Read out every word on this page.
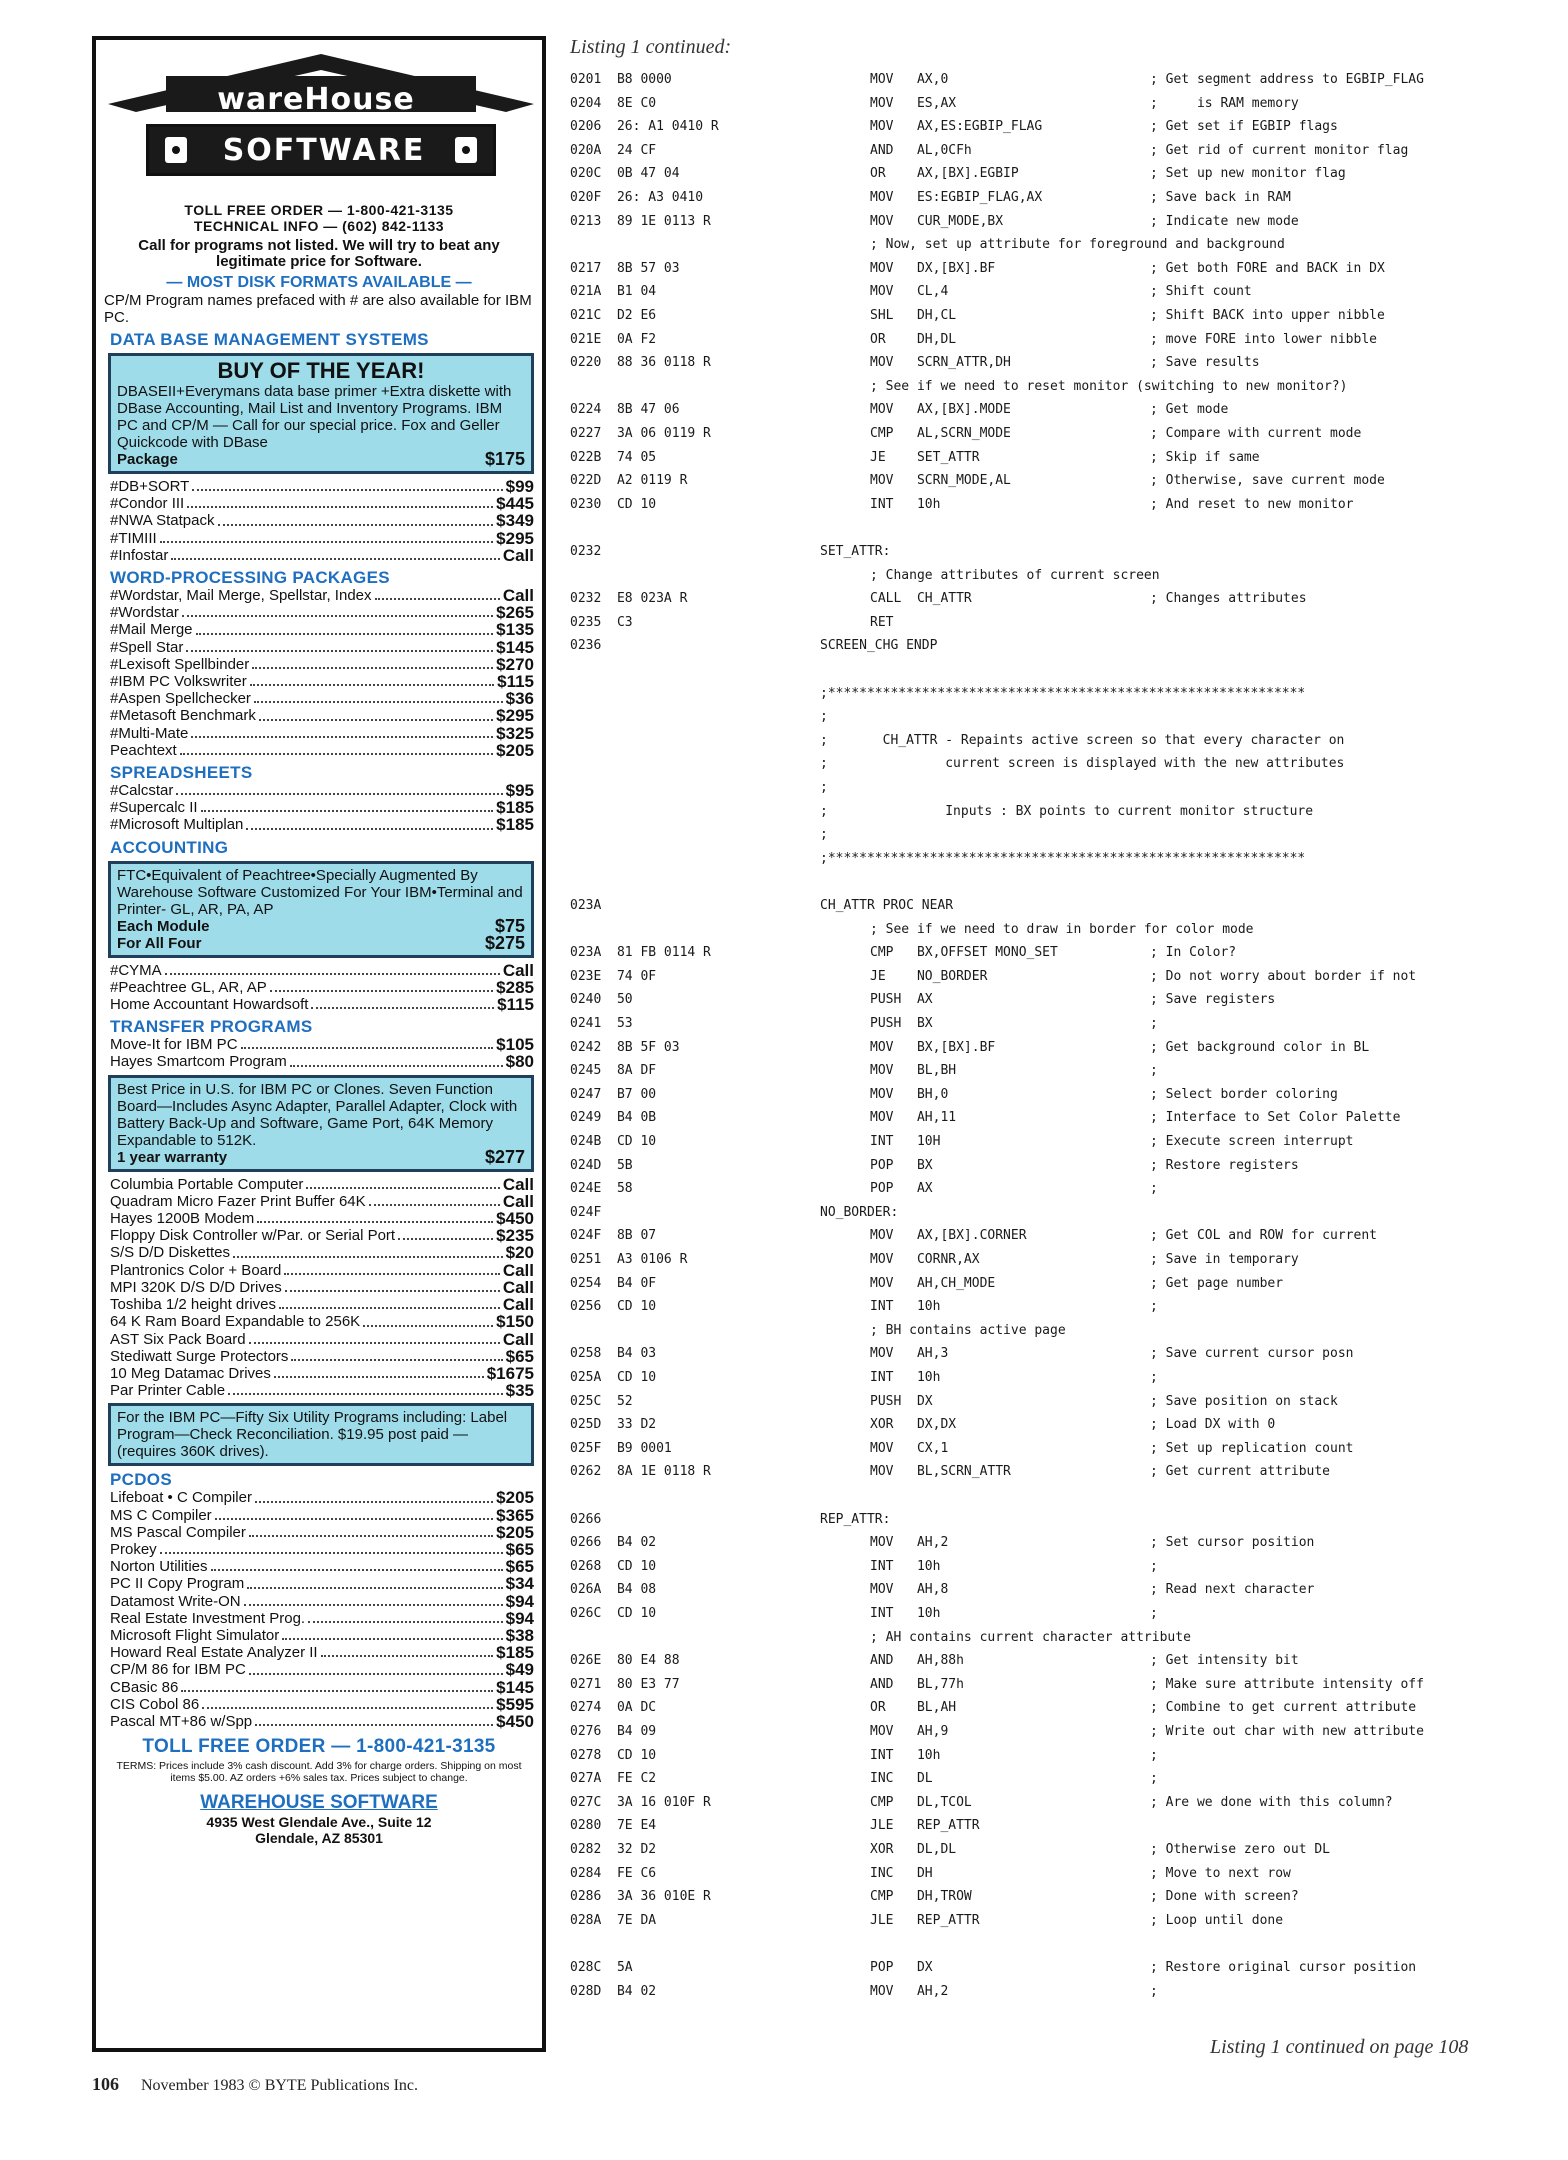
wareHouse
SOFTWARE
TOLL FREE ORDER — 1-800-421-3135
TECHNICAL INFO — (602) 842-1133
Call for programs not listed. We will try to beat any legitimate price for Software.
— MOST DISK FORMATS AVAILABLE —
CP/M Program names prefaced with # are also available for IBM PC.
DATA BASE MANAGEMENT SYSTEMS
BUY OF THE YEAR!
DBASEII+Everymans data base primer +Extra diskette with DBase Accounting, Mail List and Inventory Programs. IBM PC and CP/M — Call for our special price. Fox and Geller Quickcode with DBase
Package	$175
#DB+SORT	$99
#Condor III	$445
#NWA Statpack	$349
#TIMIII	$295
#Infostar	Call
WORD-PROCESSING PACKAGES
#Wordstar, Mail Merge, Spellstar, Index	Call
#Wordstar	$265
#Mail Merge	$135
#Spell Star	$145
#Lexisoft Spellbinder	$270
#IBM PC Volkswriter	$115
#Aspen Spellchecker	$36
#Metasoft Benchmark	$295
#Multi-Mate	$325
Peachtext	$205
SPREADSHEETS
#Calcstar	$95
#Supercalc II	$185
#Microsoft Multiplan	$185
ACCOUNTING
FTC•Equivalent of Peachtree•Specially Augmented By Warehouse Software Customized For Your IBM•Terminal and Printer- GL, AR, PA, AP
Each Module	$75
For All Four	$275
#CYMA	Call
#Peachtree GL, AR, AP	$285
Home Accountant Howardsoft	$115
TRANSFER PROGRAMS
Move-It for IBM PC	$105
Hayes Smartcom Program	$80
Best Price in U.S. for IBM PC or Clones. Seven Function Board—Includes Async Adapter, Parallel Adapter, Clock with Battery Back-Up and Software, Game Port, 64K Memory Expandable to 512K.
1 year warranty	$277
Columbia Portable Computer	Call
Quadram Micro Fazer Print Buffer 64K	Call
Hayes 1200B Modem	$450
Floppy Disk Controller w/Par. or Serial Port	$235
S/S D/D Diskettes	$20
Plantronics Color + Board	Call
MPI 320K D/S D/D Drives	Call
Toshiba 1/2 height drives	Call
64 K Ram Board Expandable to 256K	$150
AST Six Pack Board	Call
Stediwatt Surge Protectors	$65
10 Meg Datamac Drives	$1675
Par Printer Cable	$35
For the IBM PC—Fifty Six Utility Programs including: Label Program—Check Reconciliation. $19.95 post paid — (requires 360K drives).
PCDOS
Lifeboat • C Compiler	$205
MS C Compiler	$365
MS Pascal Compiler	$205
Prokey	$65
Norton Utilities	$65
PC II Copy Program	$34
Datamost Write-ON	$94
Real Estate Investment Prog.	$94
Microsoft Flight Simulator	$38
Howard Real Estate Analyzer II	$185
CP/M 86 for IBM PC	$49
CBasic 86	$145
CIS Cobol 86	$595
Pascal MT+86 w/Spp	$450
TOLL FREE ORDER — 1-800-421-3135
TERMS: Prices include 3% cash discount. Add 3% for charge orders. Shipping on most items $5.00. AZ orders +6% sales tax. Prices subject to change.
WAREHOUSE SOFTWARE
4935 West Glendale Ave., Suite 12
Glendale, AZ 85301
Listing 1 continued:
0201  B8 0000	MOV   AX,0	; Get segment address to EGBIP_FLAG
0204  8E C0	MOV   ES,AX	;     is RAM memory
0206  26: A1 0410 R	MOV   AX,ES:EGBIP_FLAG	; Get set if EGBIP flags
020A  24 CF	AND   AL,0CFh	; Get rid of current monitor flag
020C  0B 47 04	OR    AX,[BX].EGBIP	; Set up new monitor flag
020F  26: A3 0410	MOV   ES:EGBIP_FLAG,AX	; Save back in RAM
0213  89 1E 0113 R	MOV   CUR_MODE,BX	; Indicate new mode
; Now, set up attribute for foreground and background
0217  8B 57 03	MOV   DX,[BX].BF	; Get both FORE and BACK in DX
021A  B1 04	MOV   CL,4	; Shift count
021C  D2 E6	SHL   DH,CL	; Shift BACK into upper nibble
021E  0A F2	OR    DH,DL	; move FORE into lower nibble
0220  88 36 0118 R	MOV   SCRN_ATTR,DH	; Save results
; See if we need to reset monitor (switching to new monitor?)
0224  8B 47 06	MOV   AX,[BX].MODE	; Get mode
0227  3A 06 0119 R	CMP   AL,SCRN_MODE	; Compare with current mode
022B  74 05	JE    SET_ATTR	; Skip if same
022D  A2 0119 R	MOV   SCRN_MODE,AL	; Otherwise, save current mode
0230  CD 10	INT   10h	; And reset to new monitor
0232	SET_ATTR:
; Change attributes of current screen
0232  E8 023A R	CALL  CH_ATTR	; Changes attributes
0235  C3	RET
0236	SCREEN_CHG ENDP
;*************************************************************
;
;       CH_ATTR - Repaints active screen so that every character on
;               current screen is displayed with the new attributes
;
;               Inputs : BX points to current monitor structure
;
;*************************************************************
023A	CH_ATTR PROC NEAR
; See if we need to draw in border for color mode
023A  81 FB 0114 R	CMP   BX,OFFSET MONO_SET	; In Color?
023E  74 0F	JE    NO_BORDER	; Do not worry about border if not
0240  50	PUSH  AX	; Save registers
0241  53	PUSH  BX	;
0242  8B 5F 03	MOV   BX,[BX].BF	; Get background color in BL
0245  8A DF	MOV   BL,BH	;
0247  B7 00	MOV   BH,0	; Select border coloring
0249  B4 0B	MOV   AH,11	; Interface to Set Color Palette
024B  CD 10	INT   10H	; Execute screen interrupt
024D  5B	POP   BX	; Restore registers
024E  58	POP   AX	;
024F	NO_BORDER:
024F  8B 07	MOV   AX,[BX].CORNER	; Get COL and ROW for current
0251  A3 0106 R	MOV   CORNR,AX	; Save in temporary
0254  B4 0F	MOV   AH,CH_MODE	; Get page number
0256  CD 10	INT   10h	;
; BH contains active page
0258  B4 03	MOV   AH,3	; Save current cursor posn
025A  CD 10	INT   10h	;
025C  52	PUSH  DX	; Save position on stack
025D  33 D2	XOR   DX,DX	; Load DX with 0
025F  B9 0001	MOV   CX,1	; Set up replication count
0262  8A 1E 0118 R	MOV   BL,SCRN_ATTR	; Get current attribute
0266	REP_ATTR:
0266  B4 02	MOV   AH,2	; Set cursor position
0268  CD 10	INT   10h	;
026A  B4 08	MOV   AH,8	; Read next character
026C  CD 10	INT   10h	;
; AH contains current character attribute
026E  80 E4 88	AND   AH,88h	; Get intensity bit
0271  80 E3 77	AND   BL,77h	; Make sure attribute intensity off
0274  0A DC	OR    BL,AH	; Combine to get current attribute
0276  B4 09	MOV   AH,9	; Write out char with new attribute
0278  CD 10	INT   10h	;
027A  FE C2	INC   DL	;
027C  3A 16 010F R	CMP   DL,TCOL	; Are we done with this column?
0280  7E E4	JLE   REP_ATTR
0282  32 D2	XOR   DL,DL	; Otherwise zero out DL
0284  FE C6	INC   DH	; Move to next row
0286  3A 36 010E R	CMP   DH,TROW	; Done with screen?
028A  7E DA	JLE   REP_ATTR	; Loop until done
028C  5A	POP   DX	; Restore original cursor position
028D  B4 02	MOV   AH,2	;
Listing 1 continued on page 108
106 November 1983 © BYTE Publications Inc.
